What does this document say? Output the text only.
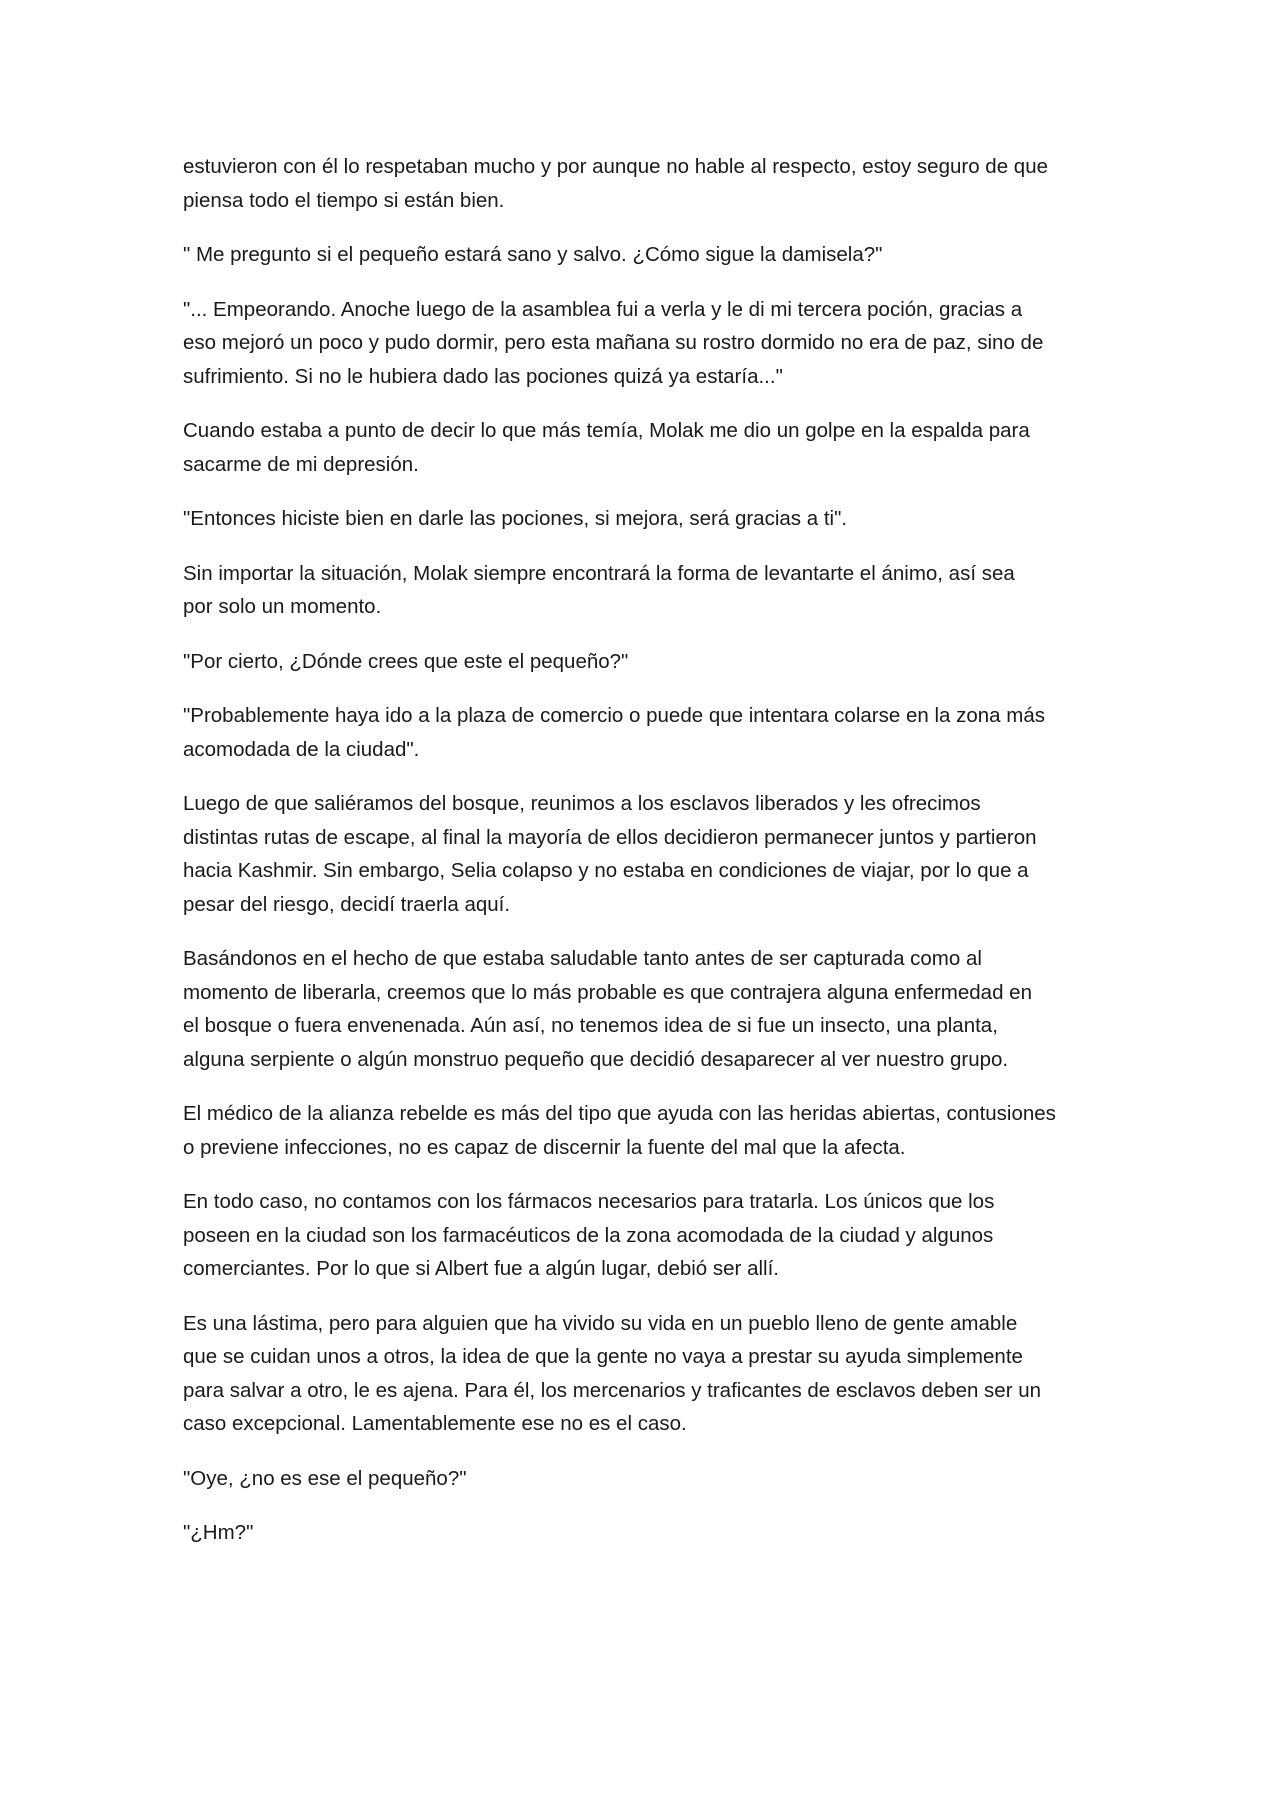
estuvieron con él lo respetaban mucho y por aunque no hable al respecto, estoy seguro de que
piensa todo el tiempo si están bien.

" Me pregunto si el pequeño estará sano y salvo. ¿Cómo sigue la damisela?"

"... Empeorando. Anoche luego de la asamblea fui a verla y le di mi tercera poción, gracias a
eso mejoró un poco y pudo dormir, pero esta mañana su rostro dormido no era de paz, sino de
sufrimiento. Si no le hubiera dado las pociones quizá ya estaría..."

Cuando estaba a punto de decir lo que más temía, Molak me dio un golpe en la espalda para
sacarme de mi depresión.

"Entonces hiciste bien en darle las pociones, si mejora, será gracias a ti".

Sin importar la situación, Molak siempre encontrará la forma de levantarte el ánimo, así sea
por solo un momento.

"Por cierto, ¿Dónde crees que este el pequeño?"

"Probablemente haya ido a la plaza de comercio o puede que intentara colarse en la zona más
acomodada de la ciudad".

Luego de que saliéramos del bosque, reunimos a los esclavos liberados y les ofrecimos
distintas rutas de escape, al final la mayoría de ellos decidieron permanecer juntos y partieron
hacia Kashmir. Sin embargo, Selia colapso y no estaba en condiciones de viajar, por lo que a
pesar del riesgo, decidí traerla aquí.

Basándonos en el hecho de que estaba saludable tanto antes de ser capturada como al
momento de liberarla, creemos que lo más probable es que contrajera alguna enfermedad en
el bosque o fuera envenenada. Aún así, no tenemos idea de si fue un insecto, una planta,
alguna serpiente o algún monstruo pequeño que decidió desaparecer al ver nuestro grupo.

El médico de la alianza rebelde es más del tipo que ayuda con las heridas abiertas, contusiones
o previene infecciones, no es capaz de discernir la fuente del mal que la afecta.

En todo caso, no contamos con los fármacos necesarios para tratarla. Los únicos que los
poseen en la ciudad son los farmacéuticos de la zona acomodada de la ciudad y algunos
comerciantes. Por lo que si Albert fue a algún lugar, debió ser allí.

Es una lástima, pero para alguien que ha vivido su vida en un pueblo lleno de gente amable
que se cuidan unos a otros, la idea de que la gente no vaya a prestar su ayuda simplemente
para salvar a otro, le es ajena. Para él, los mercenarios y traficantes de esclavos deben ser un
caso excepcional. Lamentablemente ese no es el caso.

"Oye, ¿no es ese el pequeño?"

"¿Hm?"
